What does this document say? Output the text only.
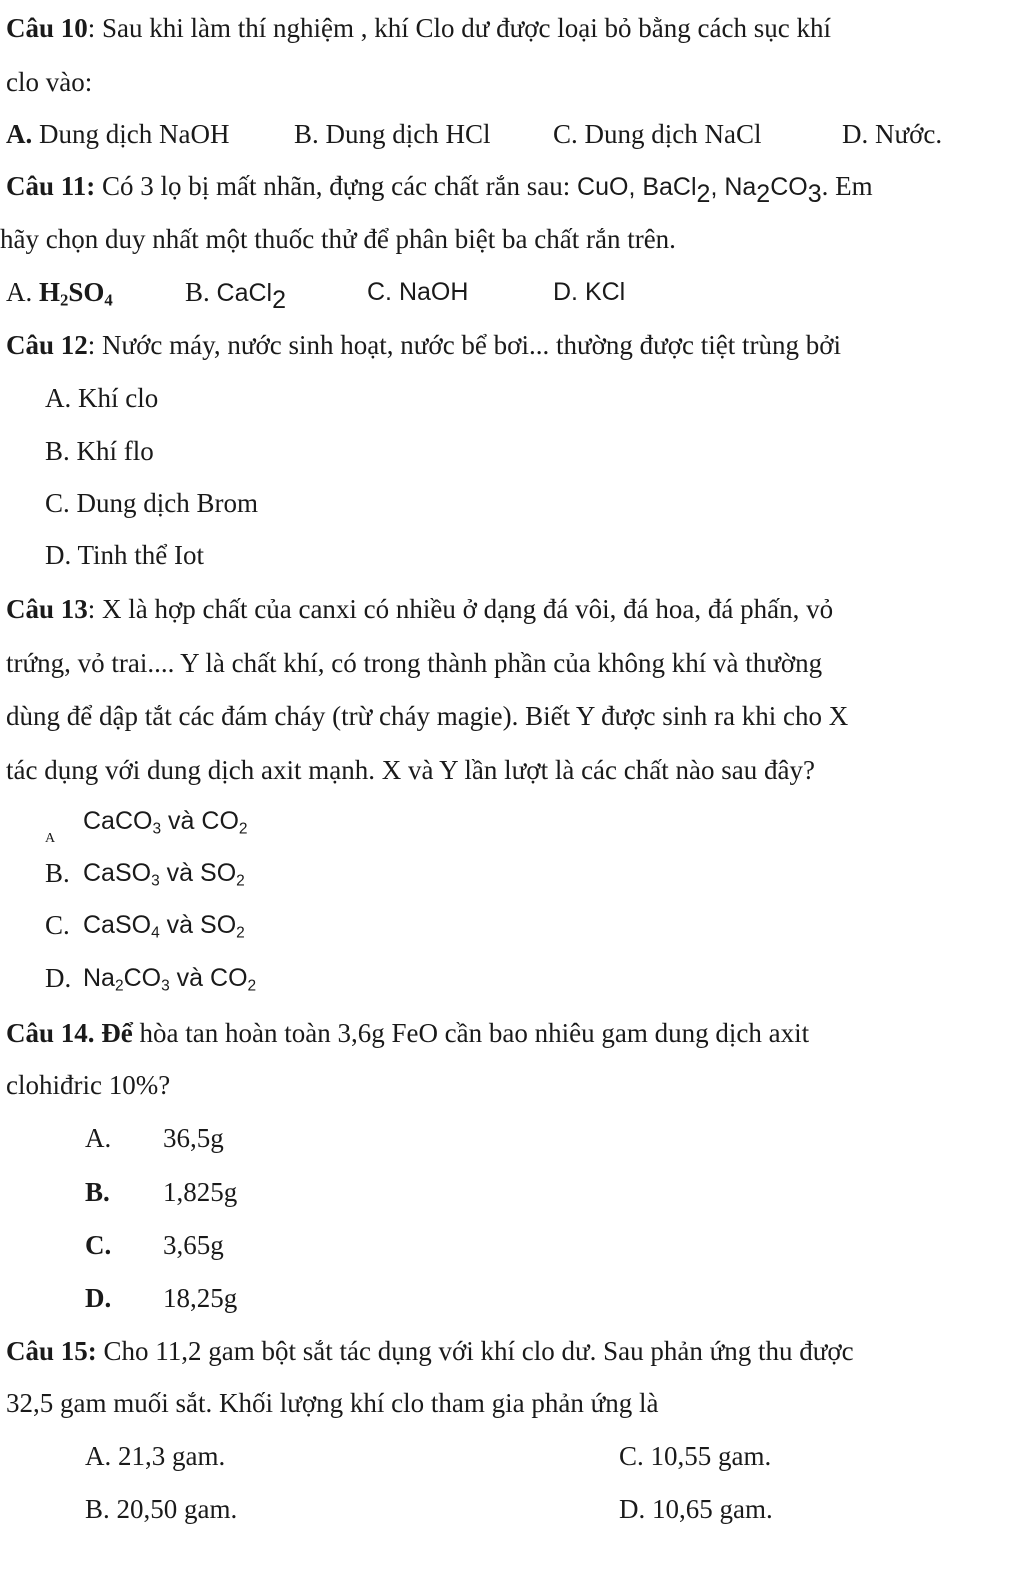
Câu 10: Sau khi làm thí nghiệm , khí Clo dư được loại bỏ bằng cách sục khí
clo vào:
A. Dung dịch NaOH B. Dung dịch HCl C. Dung dịch NaCl	D. Nước.
Câu 11: Có 3 lọ bị mất nhãn, đựng các chất rắn sau: CuO, BaCl$_2$, $Na_2CO_3$. Em
hãy chọn duy nhất một thuốc thử để phân biệt ba chất rắn trên.
A. $H_2SO_4$	B. CaCl$_2$	C. NaOH	D. KCl
Câu 12: Nước máy, nước sinh hoạt, nước bể bơi... thường được tiệt trùng bởi
A. Khí clo
B. Khí flo
C. Dung dịch Brom
D. Tinh thể Iot
Câu 13: X là hợp chất của canxi có nhiều ở dạng đá vôi, đá hoa, đá phấn, vỏ
trứng, vỏ trai.... Y là chất khí, có trong thành phần của không khí và thường
dùng để dập tắt các đám cháy (trừ cháy magie). Biết Y được sinh ra khi cho X
tác dụng với dung dịch axit mạnh. X và Y lần lượt là các chất nào sau đây?
A
CaCO$_3$ và $CO_2$
B. CaSO$_3$ và $SO_2$
C. CaSO$_4$ và $SO_2$
D. $Na_2CO_3$ và $CO_2$
Câu 14. Để hòa tan hoàn toàn 3,6g FeO cần bao nhiêu gam dung dịch axit
clohiđric 10%?
A. 36,5g
B. 1,825g
C. 3,65g
D. 18,25g
Câu 15: Cho 11,2 gam bột sắt tác dụng với khí clo dư. Sau phản ứng thu được
32,5 gam muối sắt. Khối lượng khí clo tham gia phản ứng là
A. 21,3 gam.	C. 10,55 gam.
B. 20,50 gam.	D. 10,65 gam.
